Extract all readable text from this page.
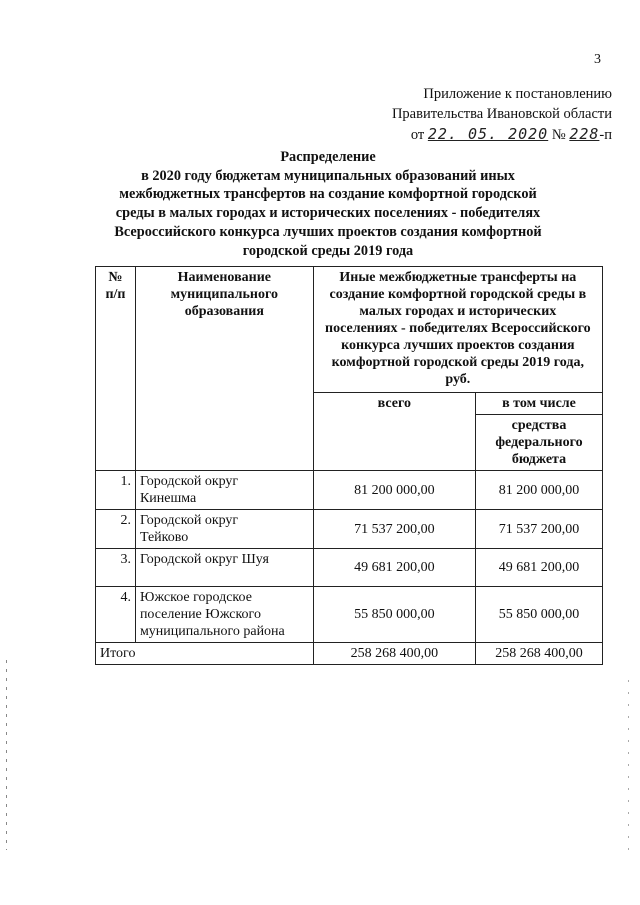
3
Приложение к постановлению
Правительства Ивановской области
от 22. 05. 2020 № 228-п
Распределение
в 2020 году бюджетам муниципальных образований иных
межбюджетных трансфертов на создание комфортной городской
среды в малых городах и исторических поселениях - победителях
Всероссийского конкурса лучших проектов создания комфортной
городской среды 2019 года
№ п/п	Наименование муниципального образования	Иные межбюджетные трансферты на создание комфортной городской среды в малых городах и исторических поселениях - победителях Всероссийского конкурса лучших проектов создания комфортной городской среды 2019 года, руб.	
		всего	в том числе
			средства федерального бюджета
1.	Городской округ Кинешма	81 200 000,00	81 200 000,00
2.	Городской округ Тейково	71 537 200,00	71 537 200,00
3.	Городской округ Шуя	49 681 200,00	49 681 200,00
4.	Южское городское поселение Южского муниципального района	55 850 000,00	55 850 000,00
Итого		258 268 400,00	258 268 400,00
